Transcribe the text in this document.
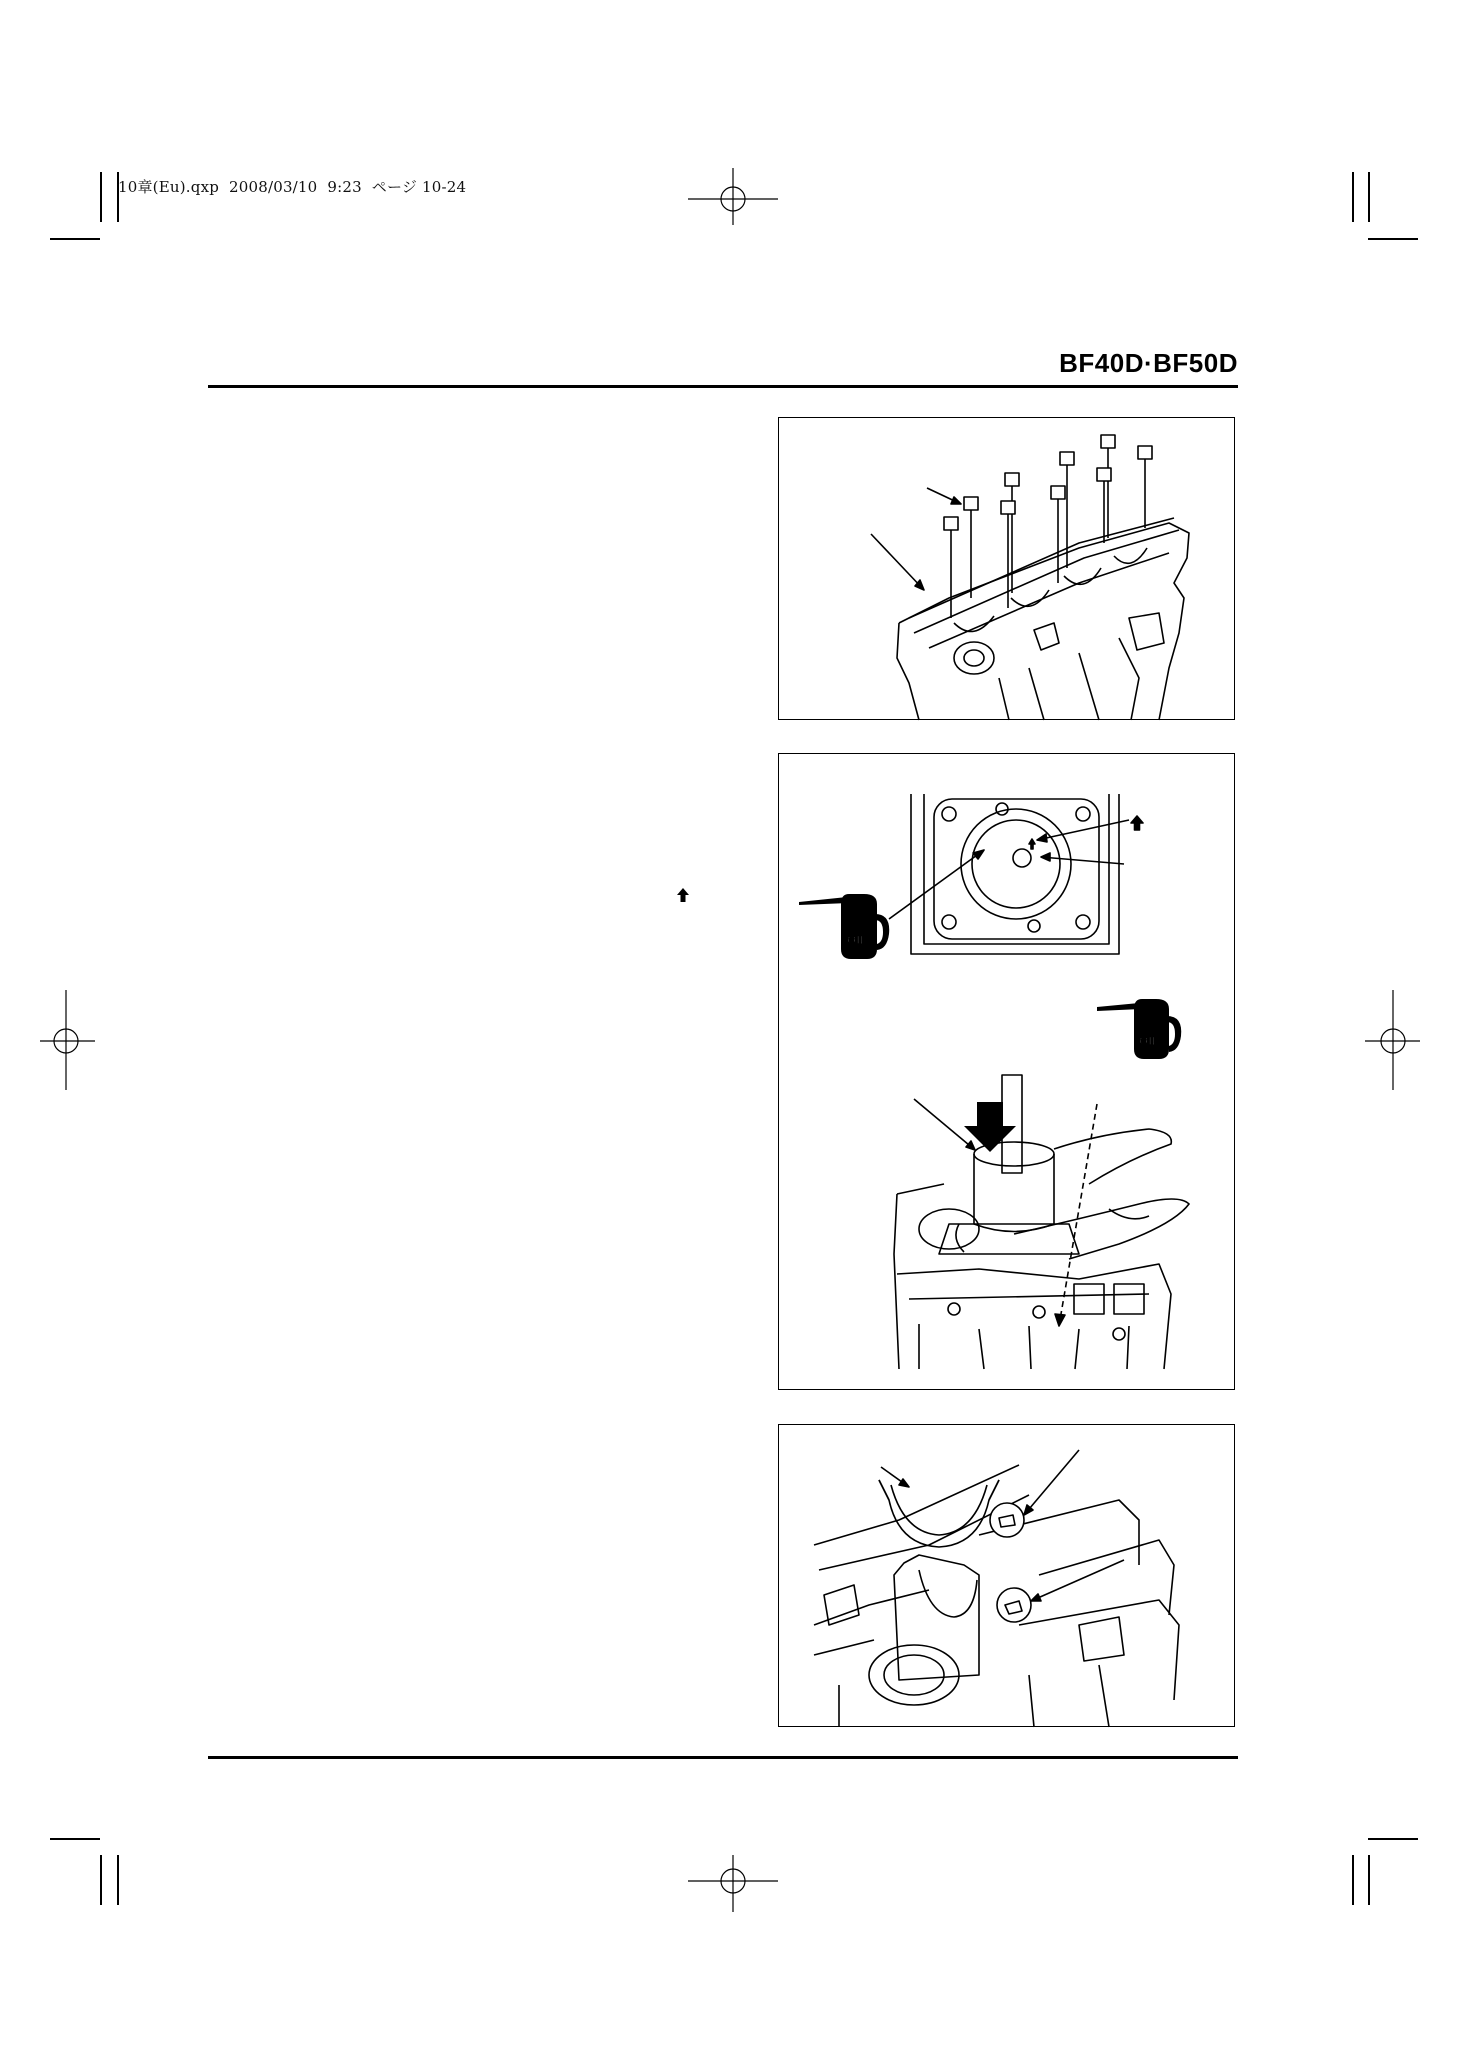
10章(Eu).qxp  2008/03/10  9:23  ページ 10-24
BF40D·BF50D
OIL
OIL
